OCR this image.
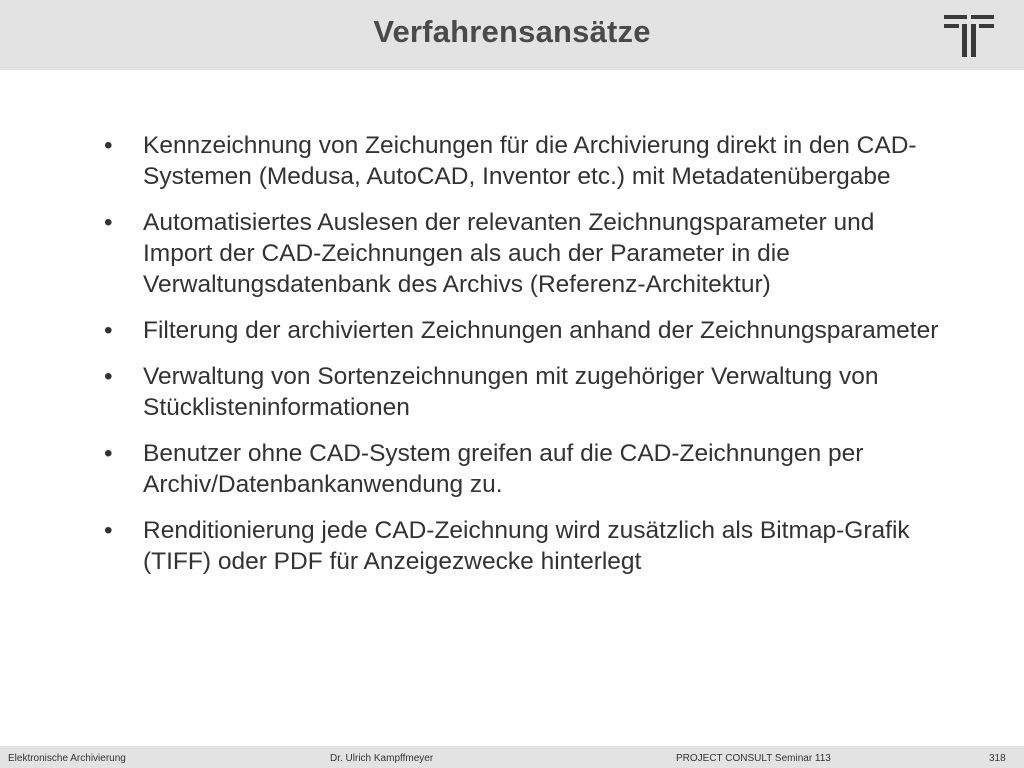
Verfahrensansätze
• Kennzeichnung von Zeichungen für die Archivierung direkt in den CAD-Systemen (Medusa, AutoCAD, Inventor etc.) mit Metadatenübergabe
• Automatisiertes Auslesen der relevanten Zeichnungsparameter und Import der CAD-Zeichnungen als auch der Parameter in die Verwaltungsdatenbank des Archivs (Referenz-Architektur)
• Filterung der archivierten Zeichnungen anhand der Zeichnungsparameter
• Verwaltung von Sortenzeichnungen mit zugehöriger Verwaltung von Stücklisteninformationen
• Benutzer ohne CAD-System greifen auf die CAD-Zeichnungen per Archiv/Datenbankanwendung zu.
• Renditionierung jede CAD-Zeichnung wird zusätzlich als Bitmap-Grafik (TIFF) oder PDF für Anzeigezwecke hinterlegt
Elektronische Archivierung	Dr. Ulrich Kampffmeyer	PROJECT CONSULT Seminar 113	318
